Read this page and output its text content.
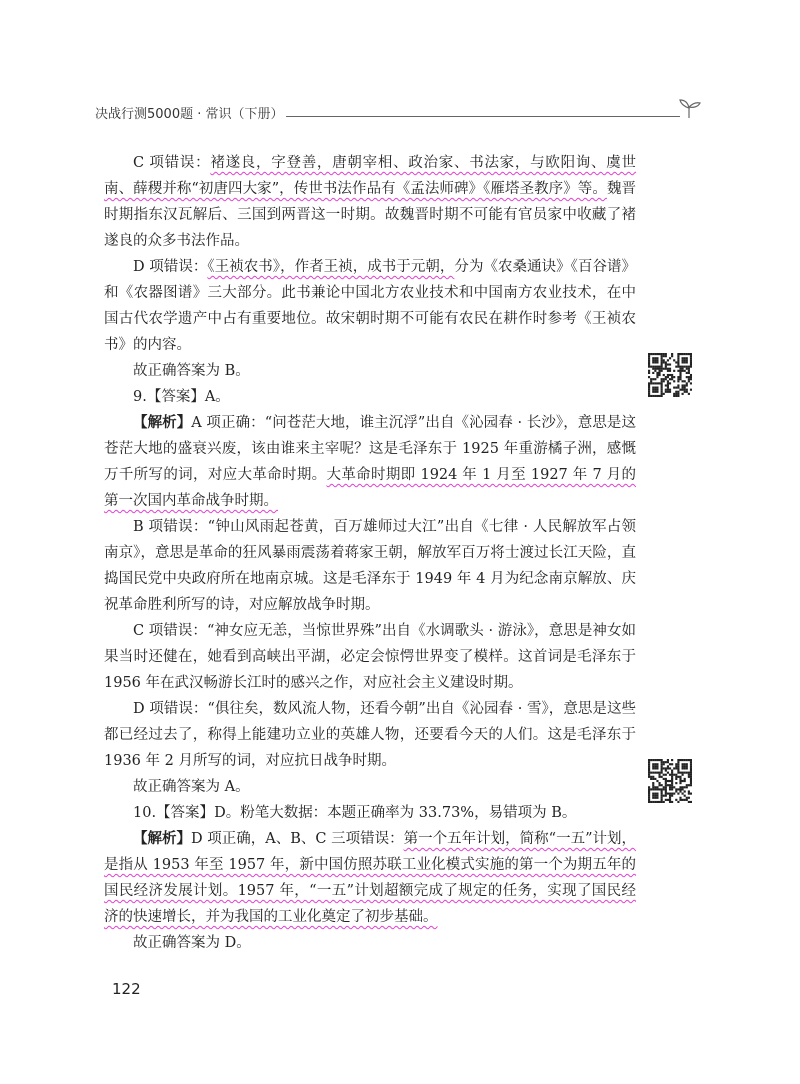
决战行测5000题 · 常识（下册）

C 项错误：褚遂良，字登善，唐朝宰相、政治家、书法家，与欧阳询、虞世南、薛稷并称“初唐四大家”，传世书法作品有《孟法师碑》《雁塔圣教序》等。魏晋时期指东汉瓦解后、三国到两晋这一时期。故魏晋时期不可能有官员家中收藏了褚遂良的众多书法作品。

D 项错误：《王祯农书》，作者王祯，成书于元朝，分为《农桑通诀》《百谷谱》和《农器图谱》三大部分。此书兼论中国北方农业技术和中国南方农业技术，在中国古代农学遗产中占有重要地位。故宋朝时期不可能有农民在耕作时参考《王祯农书》的内容。

故正确答案为 B。

9.【答案】A。

【解析】A 项正确：“问苍茫大地，谁主沉浮”出自《沁园春 · 长沙》，意思是这苍茫大地的盛衰兴废，该由谁来主宰呢？这是毛泽东于 1925 年重游橘子洲，感慨万千所写的词，对应大革命时期。大革命时期即 1924 年 1 月至 1927 年 7 月的第一次国内革命战争时期。

B 项错误：“钟山风雨起苍黄，百万雄师过大江”出自《七律 · 人民解放军占领南京》，意思是革命的狂风暴雨震荡着蒋家王朝，解放军百万将士渡过长江天险，直捣国民党中央政府所在地南京城。这是毛泽东于 1949 年 4 月为纪念南京解放、庆祝革命胜利所写的诗，对应解放战争时期。

C 项错误：“神女应无恙，当惊世界殊”出自《水调歌头 · 游泳》，意思是神女如果当时还健在，她看到高峡出平湖，必定会惊愕世界变了模样。这首词是毛泽东于 1956 年在武汉畅游长江时的感兴之作，对应社会主义建设时期。

D 项错误：“俱往矣，数风流人物，还看今朝”出自《沁园春 · 雪》，意思是这些都已经过去了，称得上能建功立业的英雄人物，还要看今天的人们。这是毛泽东于 1936 年 2 月所写的词，对应抗日战争时期。

故正确答案为 A。

10.【答案】D。粉笔大数据：本题正确率为 33.73%，易错项为 B。

【解析】D 项正确，A、B、C 三项错误：第一个五年计划，简称“一五”计划，是指从 1953 年至 1957 年，新中国仿照苏联工业化模式实施的第一个为期五年的国民经济发展计划。1957 年，“一五”计划超额完成了规定的任务，实现了国民经济的快速增长，并为我国的工业化奠定了初步基础。

故正确答案为 D。

122
